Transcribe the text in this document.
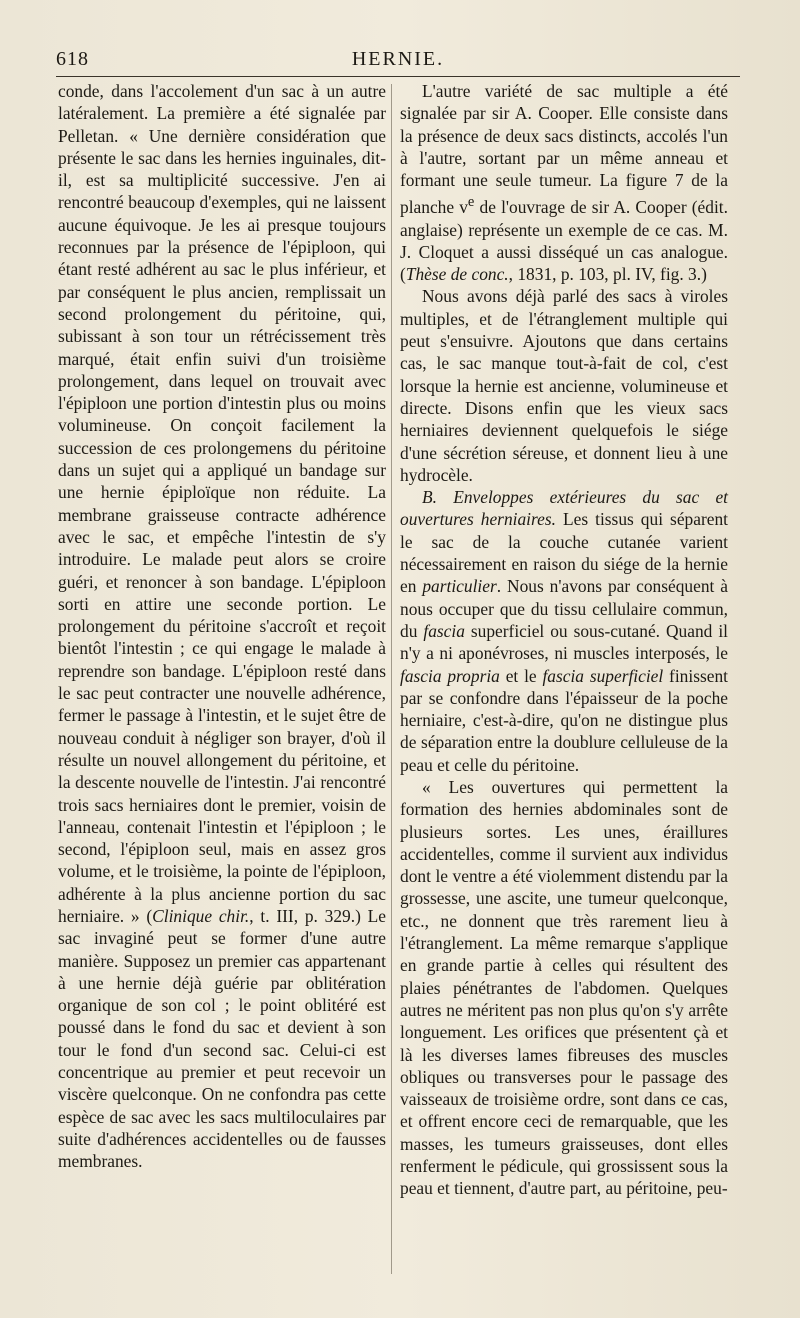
618	HERNIE.

conde, dans l'accolement d'un sac à un autre latéralement. La première a été signalée par Pelletan. « Une dernière considération que présente le sac dans les hernies inguinales, dit-il, est sa multiplicité successive. J'en ai rencontré beaucoup d'exemples, qui ne laissent aucune équivoque. Je les ai presque toujours reconnues par la présence de l'épiploon, qui étant resté adhérent au sac le plus inférieur, et par conséquent le plus ancien, remplissait un second prolongement du péritoine, qui, subissant à son tour un rétrécissement très marqué, était enfin suivi d'un troisième prolongement, dans lequel on trouvait avec l'épiploon une portion d'intestin plus ou moins volumineuse. On conçoit facilement la succession de ces prolongemens du péritoine dans un sujet qui a appliqué un bandage sur une hernie épiploïque non réduite. La membrane graisseuse contracte adhérence avec le sac, et empêche l'intestin de s'y introduire. Le malade peut alors se croire guéri, et renoncer à son bandage. L'épiploon sorti en attire une seconde portion. Le prolongement du péritoine s'accroît et reçoit bientôt l'intestin ; ce qui engage le malade à reprendre son bandage. L'épiploon resté dans le sac peut contracter une nouvelle adhérence, fermer le passage à l'intestin, et le sujet être de nouveau conduit à négliger son brayer, d'où il résulte un nouvel allongement du péritoine, et la descente nouvelle de l'intestin. J'ai rencontré trois sacs herniaires dont le premier, voisin de l'anneau, contenait l'intestin et l'épiploon ; le second, l'épiploon seul, mais en assez gros volume, et le troisième, la pointe de l'épiploon, adhérente à la plus ancienne portion du sac herniaire. » (Clinique chir., t. III, p. 329.) Le sac invaginé peut se former d'une autre manière. Supposez un premier cas appartenant à une hernie déjà guérie par oblitération organique de son col ; le point oblitéré est poussé dans le fond du sac et devient à son tour le fond d'un second sac. Celui-ci est concentrique au premier et peut recevoir un viscère quelconque. On ne confondra pas cette espèce de sac avec les sacs multiloculaires par suite d'adhérences accidentelles ou de fausses membranes.

L'autre variété de sac multiple a été signalée par sir A. Cooper. Elle consiste dans la présence de deux sacs distincts, accolés l'un à l'autre, sortant par un même anneau et formant une seule tumeur. La figure 7 de la planche $v^e$ de l'ouvrage de sir A. Cooper (édit. anglaise) représente un exemple de ce cas. M. J. Cloquet a aussi disséqué un cas analogue. (Thèse de conc., 1831, p. 103, pl. IV, fig. 3.)

Nous avons déjà parlé des sacs à viroles multiples, et de l'étranglement multiple qui peut s'ensuivre. Ajoutons que dans certains cas, le sac manque tout-à-fait de col, c'est lorsque la hernie est ancienne, volumineuse et directe. Disons enfin que les vieux sacs herniaires deviennent quelquefois le siége d'une sécrétion séreuse, et donnent lieu à une hydrocèle.

B. Enveloppes extérieures du sac et ouvertures herniaires. Les tissus qui séparent le sac de la couche cutanée varient nécessairement en raison du siége de la hernie en particulier. Nous n'avons par conséquent à nous occuper que du tissu cellulaire commun, du fascia superficiel ou sous-cutané. Quand il n'y a ni aponévroses, ni muscles interposés, le fascia propria et le fascia superficiel finissent par se confondre dans l'épaisseur de la poche herniaire, c'est-à-dire, qu'on ne distingue plus de séparation entre la doublure celluleuse de la peau et celle du péritoine.

« Les ouvertures qui permettent la formation des hernies abdominales sont de plusieurs sortes. Les unes, éraillures accidentelles, comme il survient aux individus dont le ventre a été violemment distendu par la grossesse, une ascite, une tumeur quelconque, etc., ne donnent que très rarement lieu à l'étranglement. La même remarque s'applique en grande partie à celles qui résultent des plaies pénétrantes de l'abdomen. Quelques autres ne méritent pas non plus qu'on s'y arrête longuement. Les orifices que présentent çà et là les diverses lames fibreuses des muscles obliques ou transverses pour le passage des vaisseaux de troisième ordre, sont dans ce cas, et offrent encore ceci de remarquable, que les masses, les tumeurs graisseuses, dont elles renferment le pédicule, qui grossissent sous la peau et tiennent, d'autre part, au péritoine, peu-
